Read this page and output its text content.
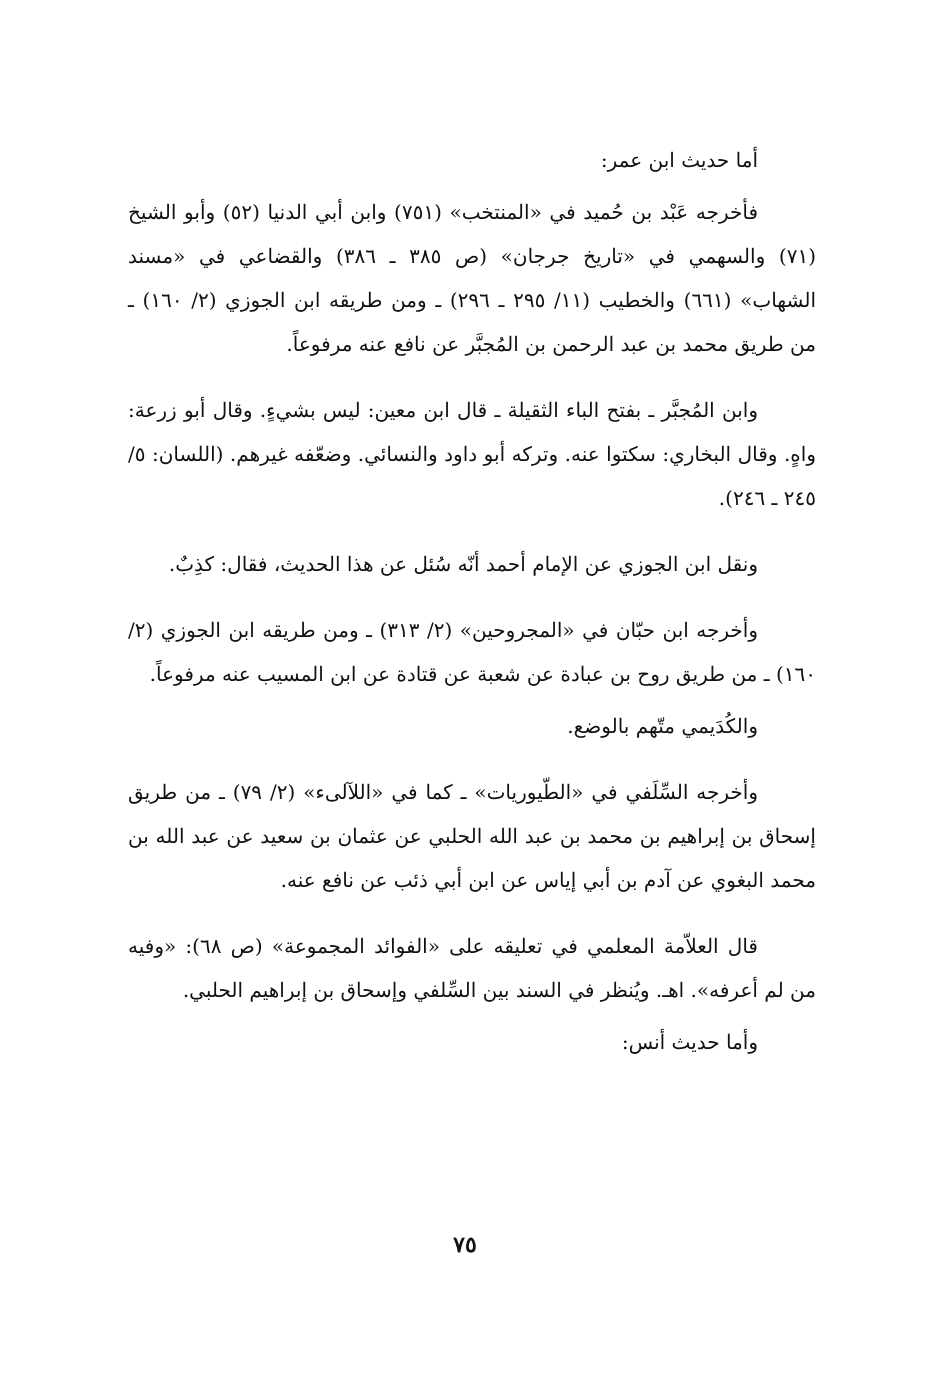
أما حديث ابن عمر:

فأخرجه عَبْد بن حُميد في «المنتخب» (٧٥١) وابن أبي الدنيا (٥٢) وأبو الشيخ (٧١) والسهمي في «تاريخ جرجان» (ص ٣٨٥ ـ ٣٨٦) والقضاعي في «مسند الشهاب» (٦٦١) والخطيب (١١/ ٢٩٥ ـ ٢٩٦) ـ ومن طريقه ابن الجوزي (٢/ ١٦٠) ـ من طريق محمد بن عبد الرحمن بن المُجبَّر عن نافع عنه مرفوعاً.

وابن المُجبَّر ـ بفتح الباء الثقيلة ـ قال ابن معين: ليس بشيءٍ. وقال أبو زرعة: واهٍ. وقال البخاري: سكتوا عنه. وتركه أبو داود والنسائي. وضعّفه غيرهم. (اللسان: ٥/ ٢٤٥ ـ ٢٤٦).

ونقل ابن الجوزي عن الإمام أحمد أنّه سُئل عن هذا الحديث، فقال: كذِبٌ.

وأخرجه ابن حبّان في «المجروحين» (٢/ ٣١٣) ـ ومن طريقه ابن الجوزي (٢/ ١٦٠) ـ من طريق روح بن عبادة عن شعبة عن قتادة عن ابن المسيب عنه مرفوعاً.

والكُدَيمي متّهم بالوضع.

وأخرجه السِّلَفي في «الطّيوريات» ـ كما في «اللآلىء» (٢/ ٧٩) ـ من طريق إسحاق بن إبراهيم بن محمد بن عبد الله الحلبي عن عثمان بن سعيد عن عبد الله بن محمد البغوي عن آدم بن أبي إياس عن ابن أبي ذئب عن نافع عنه.

قال العلاّمة المعلمي في تعليقه على «الفوائد المجموعة» (ص ٦٨): «وفيه من لم أعرفه». اهـ. ويُنظر في السند بين السِّلفي وإسحاق بن إبراهيم الحلبي.

وأما حديث أنس:

٧٥
